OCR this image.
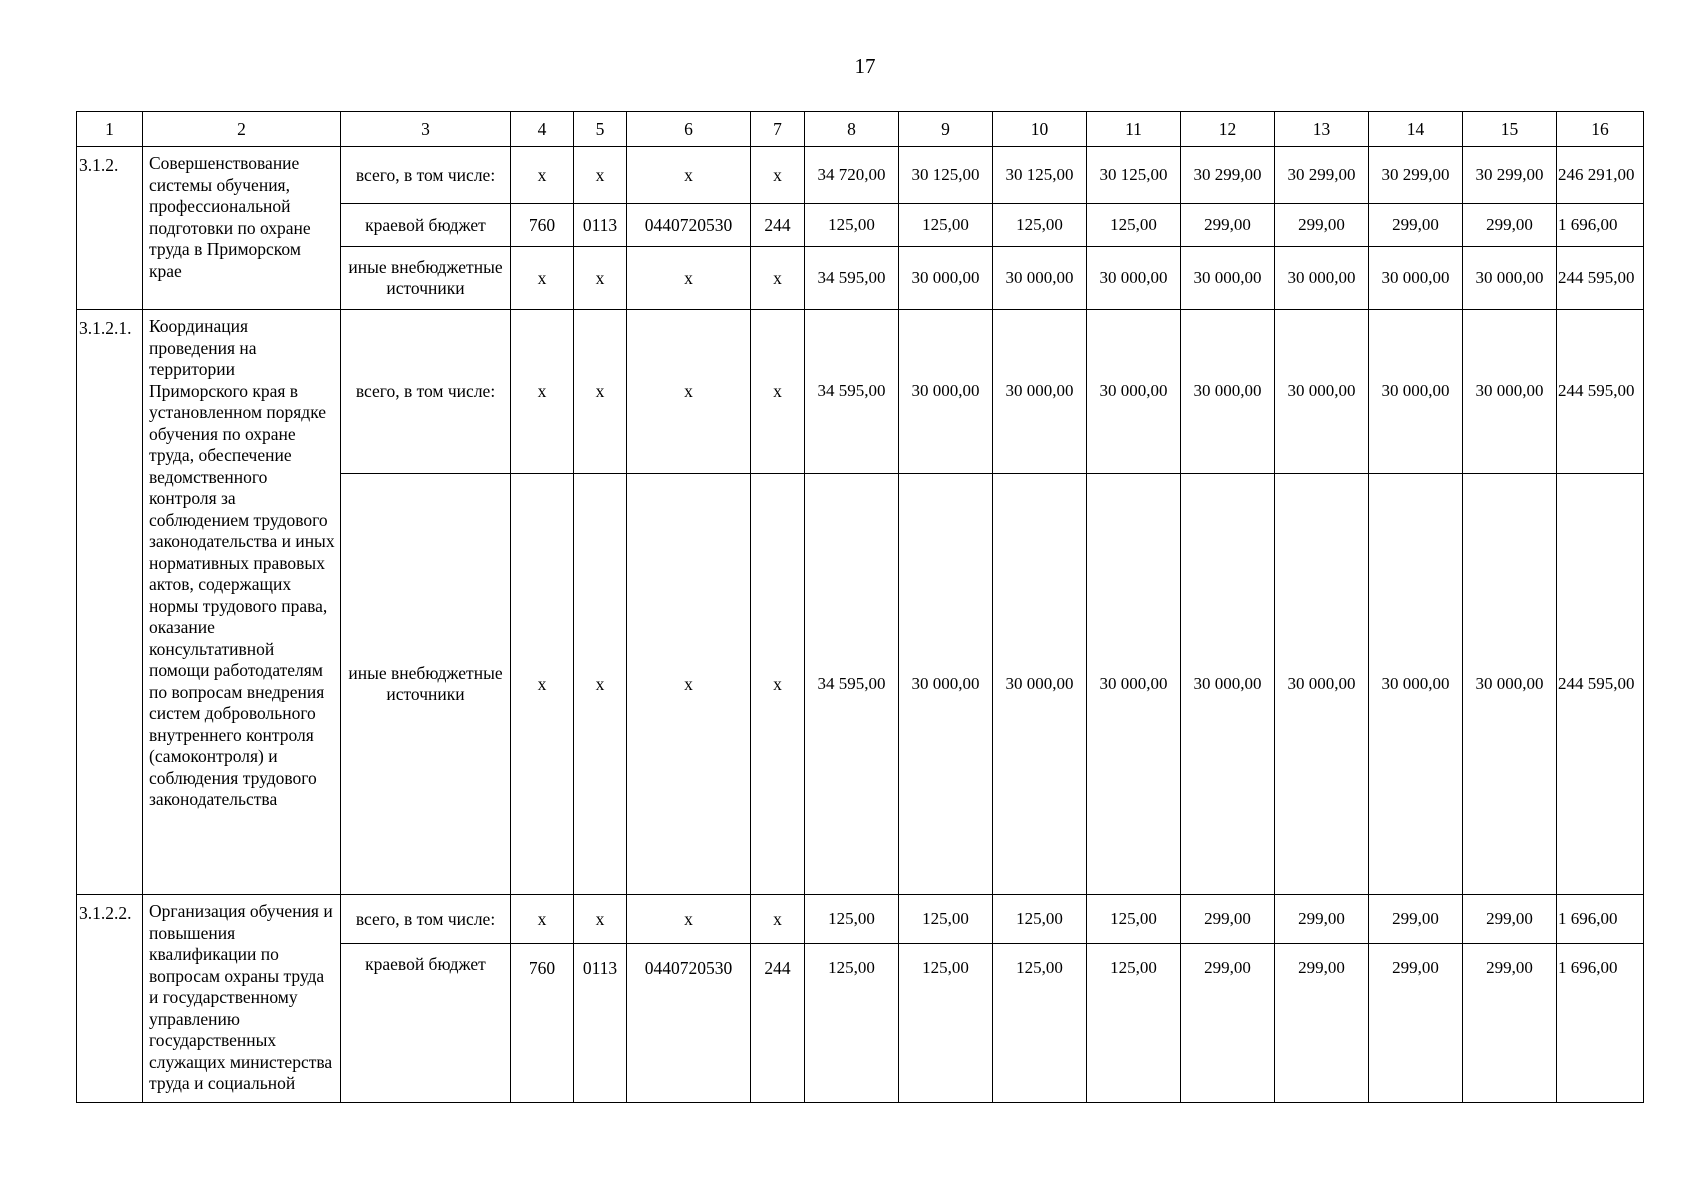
17
1	2	3	4	5	6	7	8	9	10	11	12	13	14	15	16
3.1.2.	Совершенствование системы обучения, профессиональной подготовки по охране труда в Приморском крае	всего, в том числе:	x	x	x	x	34 720,00	30 125,00	30 125,00	30 125,00	30 299,00	30 299,00	30 299,00	30 299,00	246 291,00
		краевой бюджет	760	0113	0440720530	244	125,00	125,00	125,00	125,00	299,00	299,00	299,00	299,00	1 696,00
		иные внебюджетные источники	x	x	x	x	34 595,00	30 000,00	30 000,00	30 000,00	30 000,00	30 000,00	30 000,00	30 000,00	244 595,00
3.1.2.1.	Координация проведения на территории Приморского края в установленном порядке обучения по охране труда, обеспечение ведомственного контроля за соблюдением трудового законодательства и иных нормативных правовых актов, содержащих нормы трудового права, оказание консультативной помощи работодателям по вопросам внедрения систем добровольного внутреннего контроля (самоконтроля) и соблюдения трудового законодательства	всего, в том числе:	x	x	x	x	34 595,00	30 000,00	30 000,00	30 000,00	30 000,00	30 000,00	30 000,00	30 000,00	244 595,00
		иные внебюджетные источники	x	x	x	x	34 595,00	30 000,00	30 000,00	30 000,00	30 000,00	30 000,00	30 000,00	30 000,00	244 595,00
3.1.2.2.	Организация обучения и повышения квалификации по вопросам охраны труда и государственному управлению государственных служащих министерства труда и социальной	всего, в том числе:	x	x	x	x	125,00	125,00	125,00	125,00	299,00	299,00	299,00	299,00	1 696,00
		краевой бюджет	760	0113	0440720530	244	125,00	125,00	125,00	125,00	299,00	299,00	299,00	299,00	1 696,00
